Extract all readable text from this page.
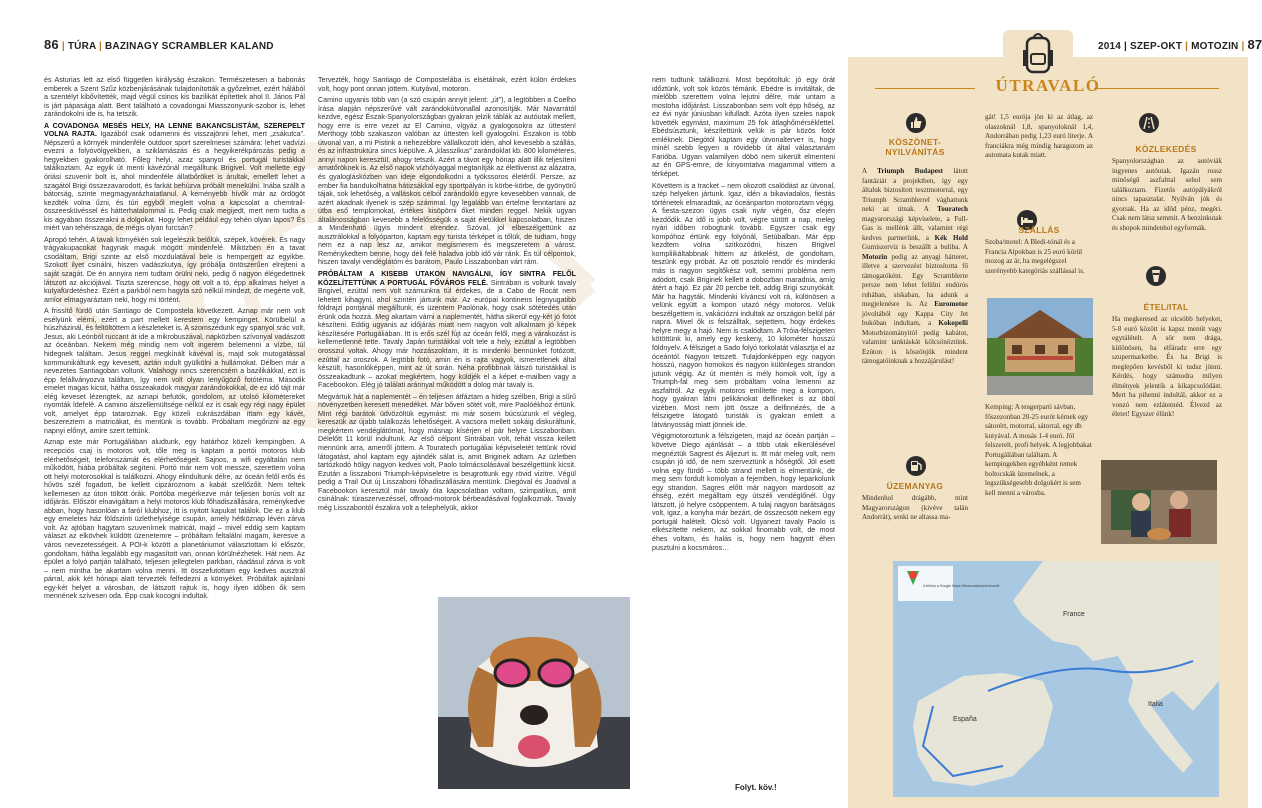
86 | TÚRA | BAZINAGY SCRAMBLER KALAND

és Asturias lett az első független királyság északon. Természetesen a babonás emberek a Szent Szűz közbenjárásának tulajdonították a győzelmet, ezért hálából a szentélyt kibővítették, majd végül csinos kis bazilikát építettek ahol II. János Pál is járt pápasága alatt. Bent található a covadongai Miasszonyunk-szobor is, lehet zarándokolni ide is, ha tetszik.

A COVADONGA MESÉS HELY, HA LENNE BAKANCSLISTÁM, SZEREPELT VOLNA RAJTA. Igazából csak odamenni és visszajönni lehet, mert „zsákutca”. Népszerű a környék mindenféle outdoor sport szerelmesei számára: lehet vadvízi evezni a folyóvölgyekben, a sziklamászás és a hegyikerékpározás pedig a hegyekben gyakorolható. Főleg helyi, azaz spanyol és portugál turistákkal találkoztam. Az egyik út menti kávézónál megálltunk Brigivel. Volt mellette egy óriási szuvenír bolt is, ahol mindenféle állatbőröket is árultak, emellett lehet a szagától Brigi összezavarodott, és farkát behúzva próbált menekülni. Inába szállt a bátorság, szinte megmagyarázhatatlanul. A keményebb hívők már az ördögöt kezdték volna űzni, és túri egyből meglett volna a kapcsolat a chemtrail-összeesküvéssel és hátterhatalommal is. Pedig csak megijedt, mert nem tudta a kis agyában összerakni a dolgokat. Hogy lehet például egy tehén olyan lapos? És miért van tehénszaga, de mégis olyan furcsán?

Apropó tehén. A tavak környékén sok legelészik belőlük, szépek, kövérek. És nagy trágyakupacokat hagynak maguk mögött mindenfelé. Miközben én a tavat csodáltam, Brigi szinte az első mozdulatával bele is hempergett az egyikbe. Szokott ilyet csinálni, hiszen vadászkutya, így próbálja öntöszerűen elrejteni a saját szagát. De én annyira nem tudtam örülni neki, pedig ő nagyon élégedettnek látszott az akciójával. Tiszta szerencse, hogy ott volt a tó, épp alkalmas helyet a kutyafürdetéshez. Ezért a parkból nem hagyta szó nélkül mindezt, de megérte volt, amíor elmagyaráztam neki, hogy mi történt.

A frissítő fürdő után Santiago de Compostela következett. Aznap már nem volt esélyünk elérni, ezért a part mellett kerestem egy kempinget. Körülbelül a húszházinál, és feltöltöttem a készleteket is. A szomszédunk egy spanyol srác volt, Jesus, aki Leónból ruccant át ide a mikrobuszával, napközben szívonyal vadászott az óceánban. Nekem még mindig nem volt ingerem belemenni a vízbe, túl hidegnek találtam. Jesus reggel megkínált kávéval is, majd sok mutogatással kommunikáltunk egy kevesett, aztán indult gyülkölni a hullámokat. Délben már a nevezetes Santiagoban voltunk. Valahogy nincs szerencsém a bazilikákkal, ezt is épp felállványozva találtam, így nem volt olyan lenyűgöző fotótéma. Második emelet magas kicsit, hátha összeakadok magyar zarándokokkal, de ez idő tájt már elég keveset lézengtek, az aznapi befutók, gondolom, az utolsó kilométereket nyomták ldefelé. A camino átszellemültsége nélkül ez is csak egy régi nagy épület volt, amelyet épp tataroznak. Egy közeli cukrászdában ittam egy kávét, beszereztem a matricákat, és mentünk is tovább. Próbáltam megőrizni az egy napnyi előnyt, amire szert tettünk.

Aznap este már Portugáliában aludtunk, egy határhoz közeli kempingben. A recepciós csaj is motoros volt, tőle meg is kaptam a portói motoros klub elérhetőségeit, telefonszámát és elérhetőségeit. Sajnos, a wifi egyáltalán nem működött, hiába próbáltak segíteni. Portó már nem volt messze, szerettem volna ott helyi motorosokkal is találkozni. Ahogy elindultunk délre, az óceán felől erős és hűvös szél fogadott, be kellett cipzároznom a kabát szellőzőit. Nem teltek kellemesen az úton töltött órák. Portóba megérkezve már teljesen borús volt az időjárás. Először elnavigáltam a helyi motoros klub főhadiszállására, reménykedve abban, hogy hasonlóan a faróí klubhoz, itt is nyitott kapukat találok. De ez a klub egy emeletes ház földszinti üzlethelyisége csupán, amely hétköznap lévén zárva volt. Az ajtóban hagytam szuvenírnek matricát, majd – mivel eddig sem kaptam választ az elkövhek küldött üzenetemre – próbáltam feltalálni magam, keresve a város nevezetességeit. A POI-k között a planetáriumot választottam ki először, gondoltam, hátha legalább egy magasított van, onnan körülnézhetek. Hát nem. Az épület a folyó partján található, teljesen jellegtelen parkban, ráadásul zárva is volt – nem mintha be akartam volna menni. Itt összefutottam egy kedves ausztrál párral, akik két hónapi alatt tervezték felfedezni a környéket. Próbáltak ajánlani egy-két helyet a városban, de látszott rajtuk is, hogy ilyen időben ők sem mennének szívesen oda. Épp csak kocogni indultak.

Tervezték, hogy Santiago de Compostelába is elsétálnak, ezért külön érdekes volt, hogy pont onnan jöttem. Kutyával, motoron.

Camino ugyanis több van (a szó csupán annyit jelent: „út”), a legtöbben a Coelho írása alapján népszerűvé vált zarándokútvonallal azonosítják. Már Navarrától kezdve, egész Észak-Spanyolországban gyakran jelzik táblák az autóutak mellett, hogy erre is erre vezet az El Camino, vígyáz a gyalogosokra az úttesten! Merthogy több szakaszon valóban az úttesten kell gyalogolni. Északon is több útvonal van, a mi Pistink a nehezebbre vállalkozott idén, ahol kevesebb a szállás, és az infrastruktúra sincs kiépülve. A „klasszikus” zarándoklat kb. 800 kilométeres, annyi napon keresztül, ahogy tetszik. Azért a távot egy hónap alatt illik teljesíteni amatőröknek is. Az első napok vízhólyaggal megtanítják az életlivenst az alázatra, és gyalogláskózben van ideje elgondolkodni a työkssoros életéről. Persze, az ember fia bandukolhatna hátizsákkal egy sportpályán is körbe-körbe, de gyönyörű tájak, sok lehetőség, a valláskos célból zarándokló egyre kevesebben vannak, de azért akadnak ilyenek is szép számmal. Így legalább van értelme fenntartani az útba eső templomokat, értékes kisöpörni őket minden reggel. Nekik ugyan általánosságban kevesebb a felelősségük a saját életükkel kapcsolatban, hiszen a Mindenható ügyis mindent elrendez. Szóval, jól elbeszélgettünk az ausztrálokkal a folyóparton, kaptam egy turista térképet is tőlük, de tudtam, hogy nem ez a nap lesz az, amikor megismerem és megszeretem a várost. Reménykedtem benne, hogy déli felé haladva jobb idő vár ránk. És túl célpontok, hiszen tavalyi vendéglátóm és barátom, Paulo Lisszabonban várt rám.

PRÓBÁLTAM A KISEBB UTAKON NAVIGÁLNI, ÍGY SINTRA FELŐL KÖZELÍTETTÜNK A PORTUGÁL FŐVÁROS FELÉ. Sintrában is voltunk tavaly Brigivel, ezúttal nem volt számunkra túl érdekes, de a Cabo de Rocát nem lehetett kihagyni, ahol szintén jártunk már. Az európai kontinens legnyugatibb földrajzi pontjánál megálltunk, és üzentem Paolónak, hogy csak sötétedés után érünk oda hozzá. Meg akartam várni a naplementét, hátha sikerül egy-két jó fotót készíteni. Eddig ugyanis az időjárás miatt nem nagyon volt alkalmam jó képek készítésére Portugáliában. Itt is erős szél fújt az óceán felől, meg a várakozást is kellemetlenné tette. Tavaly Japán turistákkal volt tele a hely, ezúttal a legtöbben orosszul voltak. Ahogy már hozzászoktam, itt is mindenki bennünket fotózott, ezúttal az oroszok. A legtöbb fotó, amin én is rajta vagyok, ismeretlenek által készült, hasonlóképpen, mint az út során. Néha profibbnak látszó turistákkal is összeakadtunk – azokat megkértem, hogy küldjék el a képet e-mailben vagy a Facebookon. Elég jó találati aránnyal működött a dolog már tavaly is.

Megvártuk hát a naplementét – én teljesen átfáztam a hideg szélben, Brigi a sűrű növényzetben keresett menedéket. Már bőven sötét volt, mire Paolóékhoz értünk. Mint régi barátok üdvözöltük egymást: mi már sosem búcsúzunk el végleg, kereszük az újabb találkozás lehetőségeit. A vacsora mellett sokáig diskuráltunk, megkértem vendéglátómat, hogy másnap kísérjen el pár helyre Lisszabonban. Délelőtt 11 körül indultunk. Az első célpont Sintrában volt, tehát vissza kellett mennünk arra, amerről jöttem. A Touratech portugáliai képviseletét tettünk rövid látogatást, ahol kaptam egy ajándék sálat is, amit Briginek adtam. Az üzletben tartózkodó hölgy nagyon kedves volt, Paolo tolmácsolásával beszélgettünk kicsit. Ezután a lisszaboni Triumph-képviseletre is beugrottunk egy rövid vizitre. Végül pedig a Trail Out új Lisszaboni főhadiszállására mentünk. Diegóval és Joaóval a Facebookon keresztül már tavaly óta kapcsolatban voltam, szimpatikus, amit csinálnak: túraszervezéssel, offroad-motorok bérbeadásával foglalkoznak. Tavaly még Lisszabontól északra volt a telephelyük, akkor

nem tudtunk találkozni. Most bepótoltuk: jó egy órát időztünk, volt sok közös témánk. Ebédre is invitáltak, de mielőbb szerettem volna lejutni délre, már untam a mostoha időjárást. Lisszabonban sem volt épp hőség, az ez évi nyár júniusban kifulladt. Azóta ilyen szeles napok követték egymást, maximum 25 fok átlaghőmérséklettel. Ebédsúsztunk, készítettünk velük is pár közös fotót emléknek. Diegótól kaptam egy útvonalterveт is, hogy minél szebb legyen a rövidebb út által választanám Farióba. Ugyan valamilyen döbö nem sikerült elmenteni az én GPS-emre, de kinyomtatva magammal vittem a térképet.

Követtem is a tracket – nem okozott csalódást az útvonal, szép helyeken jártunk. Igaz, idén a bikaviadalos, fiestás történetek elmaradtak, az óceánparton motoroztam végig. A fiesta-szezon ügyis csak nyár végén, ősz elején kezdődik. Az idő is jobb volt, végre sütött a nap, meleg nyári időben robogtunk tovább. Egyszer csak egy kompóhoz értünk egy folyónál, Setúbalban. Már épp kezdtem volna szitkozódni, hiszen Brigivel kompliikáltabbnak hittem az átkelést, de gondoltam, teszünk egy próbát. Az ott posztoló rendőr és mindenki más is nagyon segítőkész volt, semmi probléma nem adódott, csak Briginek kellett a dobozban maradnia, amíg átért a hajó. Ez pár 20 percbe telt, addig Brigi szunyókált. Már ha hagyták. Mindenki kíváncsi volt rá, különösen a velünk együtt a kompon utazó négy motoros. Velük beszélgettem is, vakációzni indultak az országon belül pár napra. Mivel ők is felszálltak, sejtettem, hogy érdekes helyre megy a hajó. Nem is csalódtam. A Tróia-félszigeten kötöttünk ki, amely egy keskeny, 10 kilométer hosszú földnyelv. A félsziget a Sado folyó torkolatát választja el az óceántól. Nagyon tetszett. Tulajdonképpen egy nagyon hosszú, nagyon homokos és nagyon különleges strandon jutunk végig. Az út mentén is mély homok volt, így a Triumph-fal meg sem próbáltam volna lemenni az aszfaltról. Az egyik motoros említette meg a kompon, hogy gyakran látni pelikánokat delfineket is az öböl vizében. Most nem jött össze a delfinnézés, de a félszigetre látogató turisták is gyakran emlett a látványosság miatt jönnek ide.

Végigmotoroztunk a félszigeten, majd az óceán partján – követve Diego ajánlását – a több utak elkerülésével megnéztük Sagrest és Aljezurt is. Itt már meleg volt, nem csupán jó idő, de nem szerveztünk a hőségtől. Jól esett volna egy fürdő – több strand mellett is elmentünk, de meg sem fordult komolyan a fejemben, hogy leparkolunk egy strandon. Sagres előtt már nagyon mardosott az éhség, ezért megálltam egy útszéli vendéglőnél. Ügy látszott, jó helyre csöppentem. A tulaj nagyon barátságos volt, igaz, a konyha már bezárt, de összecsött nekem egy portugál halételt. Olcsó volt. Ugyanezt tavaly Paolo is elkészítette nekem, az sokkal finomabb volt, de most éhes voltam, és halás is, hogy nem hagyott éhen pusztulni a kocsmáros…

Folyt. köv.!
2014 | SZEP-OKT | MOTOZIN | 87
ÚTRAVALÓ
KÖSZÖNET-NYILVÁNÍTÁS
A Triumph Budapest látott fantáziát a projektben, így egy általuk biztosított tesztmotorral, egy Triumph Scramblerrel vághattunk neki az útnak. A Touratech magyarországi képviselete, a Full-Gas is mellénk állt, valamint régi kedves partnerünk, a Kék Hold Gumiszerviz is beszállt a buliba. A Motozin pedig az anyagi hátteret, illetve a szervezést biztosította fő támogatóként. Egy Scramblerre persze nem lehet felülni endúrós ruhában, siskaban, ha adunk a megjelenésre is. Az Euromotor jóvoltából egy Kappa City Jet bukóban indultam, a Kokopelli Motorbizományitól pedig kabátot, valamint tanktáskát kölcsönöztünk. Ezúton is köszönjük mindent támogatóinknak a hozzájárulást!
ÜZEMANYAG
Mindenhol drágább, mint Magyarországon (kivéve talán Andorrát), senki ne altassa ma-
gát! 1,5 eurója jön ki az átlag, az olaszoknál 1,8, spanyoloknál 1,4, Andorrában pedig 1,23 euró literje. A franciákra még mindig haragszom az automata kutak miatt.
SZÁLLÁS
Szoba/motel: A Bledi-tónál és a Francia Alpokban is 25 euró körül mozog az ár, ha megelégszel szerényebb kategóriás szállással is.
Kemping: A tengerparti sávban, főszezonban 20-25 eurót kérnek egy sátorért, motorral, sátorral, egy db kutyával. A mosás 1-4 euró. Jól felszerelt, profi helyek. A legjobbakat Portugáliában találtam. A kempingekben egyébként remek boltocskák üzemelnek, a legszükségesebb dolgokért is sem kell menni a városba.
KÖZLEKEDÉS
Spanyolországban az autóviák ingyenes autóutak. Igazán rossz minőségű aszfalttal sehol sem találkoztam. Fizetős autópályákról nincs tapasztalat. Nyilván jók és gyorsak. Ha az időd pénz, megéri. Csak nem látsz semmit. A benzinkutak és shopok mindenhol egyformák.
ÉTEL/ITAL
Ha megkeresed az olcsóbb helyeket, 5-8 euró között is kapsz menüt vagy egytálételt. A sör nem drága, különösen, ha elfáradz erre egy szupermarketbe. És ha Brigi is meglepően kevésből ki tudsz jönni. Kérdés, hogy számodra milyen élmények jelentik a kikapcsolódást. Mert ha pihenni indultál, akkor ez a vonzó nem ezlátetnéd. Élvezd az életet! Egyszer élünk!
A térkép a Google Maps felhasználásával készült.
France
España
Italia
